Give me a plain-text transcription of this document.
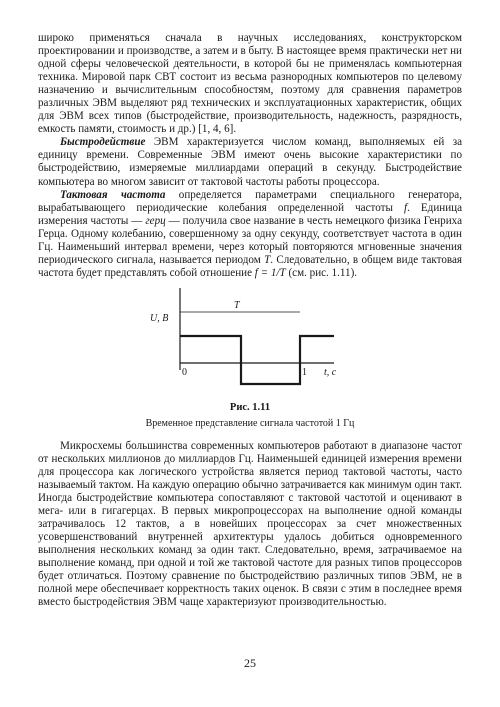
широко применяться сначала в научных исследованиях, конструкторском проектировании и производстве, а затем и в быту. В настоящее время практически нет ни одной сферы человеческой деятельности, в которой бы не применялась компьютерная техника. Мировой парк СВТ состоит из весьма разнородных компьютеров по целевому назначению и вычислительным способностям, поэтому для сравнения параметров различных ЭВМ выделяют ряд технических и эксплуатационных характеристик, общих для ЭВМ всех типов (быстродействие, производительность, надежность, разрядность, емкость памяти, стоимость и др.) [1, 4, 6].

Быстродействие ЭВМ характеризуется числом команд, выполняемых ей за единицу времени. Современные ЭВМ имеют очень высокие характеристики по быстродействию, измеряемые миллиардами операций в секунду. Быстродействие компьютера во многом зависит от тактовой частоты работы процессора.

Тактовая частота определяется параметрами специального генератора, вырабатывающего периодические колебания определенной частоты f. Единица измерения частоты — герц — получила свое название в честь немецкого физика Генриха Герца. Одному колебанию, совершенному за одну секунду, соответствует частота в один Гц. Наименьший интервал времени, через который повторяются мгновенные значения периодического сигнала, называется периодом T. Следовательно, в общем виде тактовая частота будет представлять собой отношение f = 1/T (см. рис. 1.11).

U, В
T
0	1 t, с

Рис. 1.11

Временное представление сигнала частотой 1 Гц

Микросхемы большинства современных компьютеров работают в диапазоне частот от нескольких миллионов до миллиардов Гц. Наименьшей единицей измерения времени для процессора как логического устройства является период тактовой частоты, часто называемый тактом. На каждую операцию обычно затрачивается как минимум один такт. Иногда быстродействие компьютера сопоставляют с тактовой частотой и оценивают в мега- или в гигагерцах. В первых микропроцессорах на выполнение одной команды затрачивалось 12 тактов, а в новейших процессорах за счет множественных усовершенствований внутренней архитектуры удалось добиться одновременного выполнения нескольких команд за один такт. Следовательно, время, затрачиваемое на выполнение команд, при одной и той же тактовой частоте для разных типов процессоров будет отличаться. Поэтому сравнение по быстродействию различных типов ЭВМ, не в полной мере обеспечивает корректность таких оценок. В связи с этим в последнее время вместо быстродействия ЭВМ чаще характеризуют производительностью.

25
